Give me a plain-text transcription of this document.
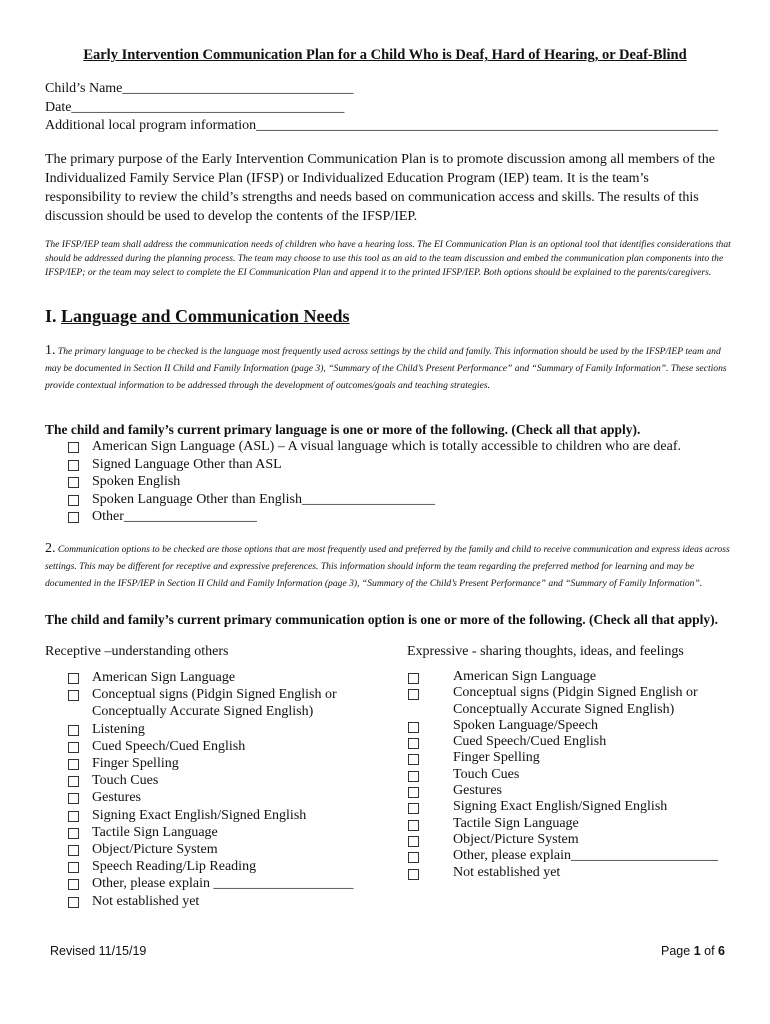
Early Intervention Communication Plan for a Child Who is Deaf, Hard of Hearing, or Deaf-Blind
Child’s Name_________________________________
Date_______________________________________
Additional local program information__________________________________________________________________
The primary purpose of the Early Intervention Communication Plan is to promote discussion among all members of the Individualized Family Service Plan (IFSP) or Individualized Education Program (IEP) team. It is the team’s responsibility to review the child’s strengths and needs based on communication access and skills. The results of this discussion should be used to develop the contents of the IFSP/IEP.
The IFSP/IEP team shall address the communication needs of children who have a hearing loss. The EI Communication Plan is an optional tool that identifies considerations that should be addressed during the planning process. The team may choose to use this tool as an aid to the team discussion and embed the communication plan components into the IFSP/IEP; or the team may select to complete the EI Communication Plan and append it to the printed IFSP/IEP. Both options should be explained to the parents/caregivers.
I. Language and Communication Needs
1. The primary language to be checked is the language most frequently used across settings by the child and family. This information should be used by the IFSP/IEP team and may be documented in Section II Child and Family Information (page 3), “Summary of the Child’s Present Performance” and “Summary of Family Information”. These sections provide contextual information to be addressed through the development of outcomes/goals and teaching strategies.
The child and family’s current primary language is one or more of the following. (Check all that apply).
American Sign Language (ASL) – A visual language which is totally accessible to children who are deaf.
Signed Language Other than ASL
Spoken English
Spoken Language Other than English___________________
Other___________________
2. Communication options to be checked are those options that are most frequently used and preferred by the family and child to receive communication and express ideas across settings. This may be different for receptive and expressive preferences. This information should inform the team regarding the preferred method for learning and may be documented in the IFSP/IEP in Section II Child and Family Information (page 3), “Summary of the Child’s Present Performance” and “Summary of Family Information”.
The child and family’s current primary communication option is one or more of the following. (Check all that apply).
Receptive –understanding others	Expressive - sharing thoughts, ideas, and feelings
American Sign Language
Conceptual signs (Pidgin Signed English or Conceptually Accurate Signed English)
Listening
Cued Speech/Cued English
Finger Spelling
Touch Cues
Gestures
Signing Exact English/Signed English
Tactile Sign Language
Object/Picture System
Speech Reading/Lip Reading
Other, please explain ____________________
Not established yet
American Sign Language
Conceptual signs (Pidgin Signed English or Conceptually Accurate Signed English)
Spoken Language/Speech
Cued Speech/Cued English
Finger Spelling
Touch Cues
Gestures
Signing Exact English/Signed English
Tactile Sign Language
Object/Picture System
Other, please explain_____________________
Not established yet
Revised 11/15/19	Page 1 of 6
